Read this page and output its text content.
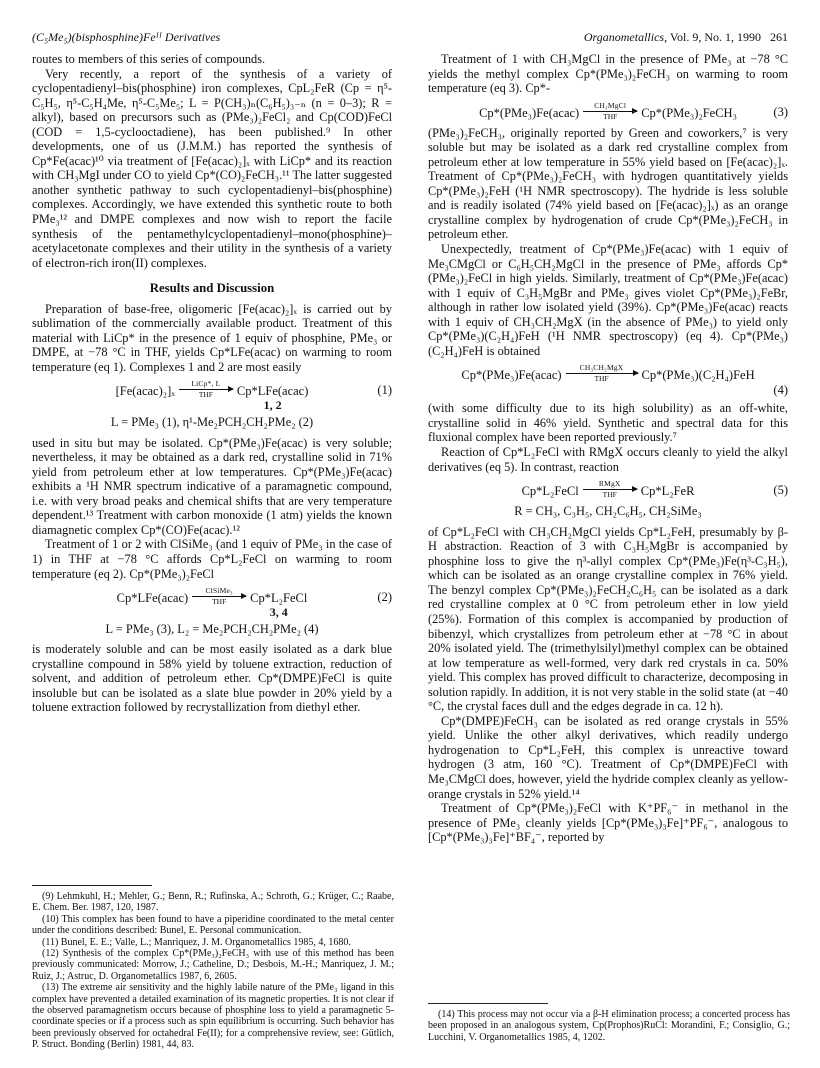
(C₅Me₅)(bisphosphine)Feᴵᴵ Derivatives	Organometallics, Vol. 9, No. 1, 1990 261

routes to members of this series of compounds.

Very recently, a report of the synthesis of a variety of cyclopentadienyl–bis(phosphine) iron complexes, CpL₂FeR (Cp = η⁵-C₅H₅, η⁵-C₅H₄Me, η⁵-C₅Me₅; L = P(CH₃)ₙ(C₆H₅)₃₋ₙ (n = 0–3); R = alkyl), based on precursors such as (PMe₃)₂FeCl₂ and Cp(COD)FeCl (COD = 1,5-cyclooctadiene), has been published.⁹ In other developments, one of us (J.M.M.) has reported the synthesis of Cp*Fe(acac)¹⁰ via treatment of [Fe(acac)₂]ₓ with LiCp* and its reaction with CH₃MgI under CO to yield Cp*(CO)₂FeCH₃.¹¹ The latter suggested another synthetic pathway to such cyclopentadienyl–bis(phosphine) complexes. Accordingly, we have extended this synthetic route to both PMe₃¹² and DMPE complexes and now wish to report the facile synthesis of the pentamethylcyclopentadienyl–mono(phosphine)–acetylacetonate complexes and their utility in the synthesis of a variety of electron-rich iron(II) complexes.

Results and Discussion

Preparation of base-free, oligomeric [Fe(acac)₂]ₓ is carried out by sublimation of the commercially available product. Treatment of this material with LiCp* in the presence of 1 equiv of phosphine, PMe₃ or DMPE, at −78 °C in THF, yields Cp*LFe(acac) on warming to room temperature (eq 1). Complexes 1 and 2 are most easily

[Fe(acac)₂]ₓ
LiCp*, L
THF Cp*LFe(acac)
1, 2
(1)
L = PMe₃ (1), η¹-Me₂PCH₂CH₂PMe₂ (2)

used in situ but may be isolated. Cp*(PMe₃)Fe(acac) is very soluble; nevertheless, it may be obtained as a dark red, crystalline solid in 71% yield from petroleum ether at low temperatures. Cp*(PMe₃)Fe(acac) exhibits a ¹H NMR spectrum indicative of a paramagnetic compound, i.e. with very broad peaks and chemical shifts that are very temperature dependent.¹³ Treatment with carbon monoxide (1 atm) yields the known diamagnetic complex Cp*(CO)Fe(acac).¹²

Treatment of 1 or 2 with ClSiMe₃ (and 1 equiv of PMe₃ in the case of 1) in THF at −78 °C affords Cp*L₂FeCl on warming to room temperature (eq 2). Cp*(PMe₃)₂FeCl

Cp*LFe(acac)
ClSiMe₃
THF Cp*L₂FeCl
3, 4
(2)
L = PMe₃ (3), L₂ = Me₂PCH₂CH₂PMe₂ (4)

is moderately soluble and can be most easily isolated as a dark blue crystalline compound in 58% yield by toluene extraction, reduction of solvent, and addition of petroleum ether. Cp*(DMPE)FeCl is quite insoluble but can be isolated as a slate blue powder in 20% yield by a toluene extraction followed by recrystallization from diethyl ether.

(9) Lehmkuhl, H.; Mehler, G.; Benn, R.; Rufinska, A.; Schroth, G.; Krüger, C.; Raabe, E. Chem. Ber. 1987, 120, 1987.

(10) This complex has been found to have a piperidine coordinated to the metal center under the conditions described: Bunel, E. Personal communication.

(11) Bunel, E. E.; Valle, L.; Manriquez, J. M. Organometallics 1985, 4, 1680.

(12) Synthesis of the complex Cp*(PMe₃)₂FeCH₃ with use of this method has been previously communicated: Morrow, J.; Catheline, D.; Desbois, M.-H.; Manriquez, J. M.; Ruiz, J.; Astruc, D. Organometallics 1987, 6, 2605.

(13) The extreme air sensitivity and the highly labile nature of the PMe₃ ligand in this complex have prevented a detailed examination of its magnetic properties. It is not clear if the observed paramagnetism occurs because of phosphine loss to yield a paramagnetic 5-coordinate species or if a process such as spin equilibrium is occurring. Such behavior has been previously observed for octahedral Fe(II); for a comprehensive review, see: Gütlich, P. Struct. Bonding (Berlin) 1981, 44, 83.

Treatment of 1 with CH₃MgCl in the presence of PMe₃ at −78 °C yields the methyl complex Cp*(PMe₃)₂FeCH₃ on warming to room temperature (eq 3). Cp*-

Cp*(PMe₃)Fe(acac)
CH₃MgCl
THF Cp*(PMe₃)₂FeCH₃	(3)

(PMe₃)₂FeCH₃, originally reported by Green and coworkers,⁷ is very soluble but may be isolated as a dark red crystalline complex from petroleum ether at low temperature in 55% yield based on [Fe(acac)₂]ₓ. Treatment of Cp*(PMe₃)₂FeCH₃ with hydrogen quantitatively yields Cp*(PMe₃)₂FeH (¹H NMR spectroscopy). The hydride is less soluble and is readily isolated (74% yield based on [Fe(acac)₂]ₓ) as an orange crystalline complex by hydrogenation of crude Cp*(PMe₃)₂FeCH₃ in petroleum ether.

Unexpectedly, treatment of Cp*(PMe₃)Fe(acac) with 1 equiv of Me₃CMgCl or C₆H₅CH₂MgCl in the presence of PMe₃ affords Cp*(PMe₃)₂FeCl in high yields. Similarly, treatment of Cp*(PMe₃)Fe(acac) with 1 equiv of C₃H₅MgBr and PMe₃ gives violet Cp*(PMe₃)₂FeBr, although in rather low isolated yield (39%). Cp*(PMe₃)Fe(acac) reacts with 1 equiv of CH₃CH₂MgX (in the absence of PMe₃) to yield only Cp*(PMe₃)(C₂H₄)FeH (¹H NMR spectroscopy) (eq 4). Cp*(PMe₃)(C₂H₄)FeH is obtained

Cp*(PMe₃)Fe(acac)
CH₃CH₂MgX
THF	Cp*(PMe₃)(C₂H₄)FeH
(4)

(with some difficulty due to its high solubility) as an off-white, crystalline solid in 46% yield. Synthetic and spectral data for this fluxional complex have been reported previously.⁷

Reaction of Cp*L₂FeCl with RMgX occurs cleanly to yield the alkyl derivatives (eq 5). In contrast, reaction

Cp*L₂FeCl
RMgX
THF Cp*L₂FeR	(5)
R = CH₃, C₃H₅, CH₂C₆H₅, CH₂SiMe₃

of Cp*L₂FeCl with CH₃CH₂MgCl yields Cp*L₂FeH, presumably by β-H abstraction. Reaction of 3 with C₃H₅MgBr is accompanied by phosphine loss to give the η³-allyl complex Cp*(PMe₃)Fe(η³-C₃H₅), which can be isolated as an orange crystalline complex in 76% yield. The benzyl complex Cp*(PMe₃)₂FeCH₂C₆H₅ can be isolated as a dark red crystalline complex at 0 °C from petroleum ether in low yield (25%). Formation of this complex is accompanied by production of bibenzyl, which crystallizes from petroleum ether at −78 °C in about 20% isolated yield. The (trimethylsilyl)methyl complex can be obtained at low temperature as well-formed, very dark red crystals in ca. 50% yield. This complex has proved difficult to characterize, decomposing in solution rapidly. In addition, it is not very stable in the solid state (at −40 °C, the crystal faces dull and the edges degrade in ca. 12 h).

Cp*(DMPE)FeCH₃ can be isolated as red orange crystals in 55% yield. Unlike the other alkyl derivatives, which readily undergo hydrogenation to Cp*L₂FeH, this complex is unreactive toward hydrogen (3 atm, 160 °C). Treatment of Cp*(DMPE)FeCl with Me₃CMgCl does, however, yield the hydride complex cleanly as yellow-orange crystals in 52% yield.¹⁴

Treatment of Cp*(PMe₃)₂FeCl with K⁺PF₆⁻ in methanol in the presence of PMe₃ cleanly yields [Cp*(PMe₃)₃Fe]⁺PF₆⁻, analogous to [Cp*(PMe₃)₃Fe]⁺BF₄⁻, reported by

(14) This process may not occur via a β-H elimination process; a concerted process has been proposed in an analogous system, Cp(Prophos)RuCl: Morandini, F.; Consiglio, G.; Lucchini, V. Organometallics 1985, 4, 1202.
